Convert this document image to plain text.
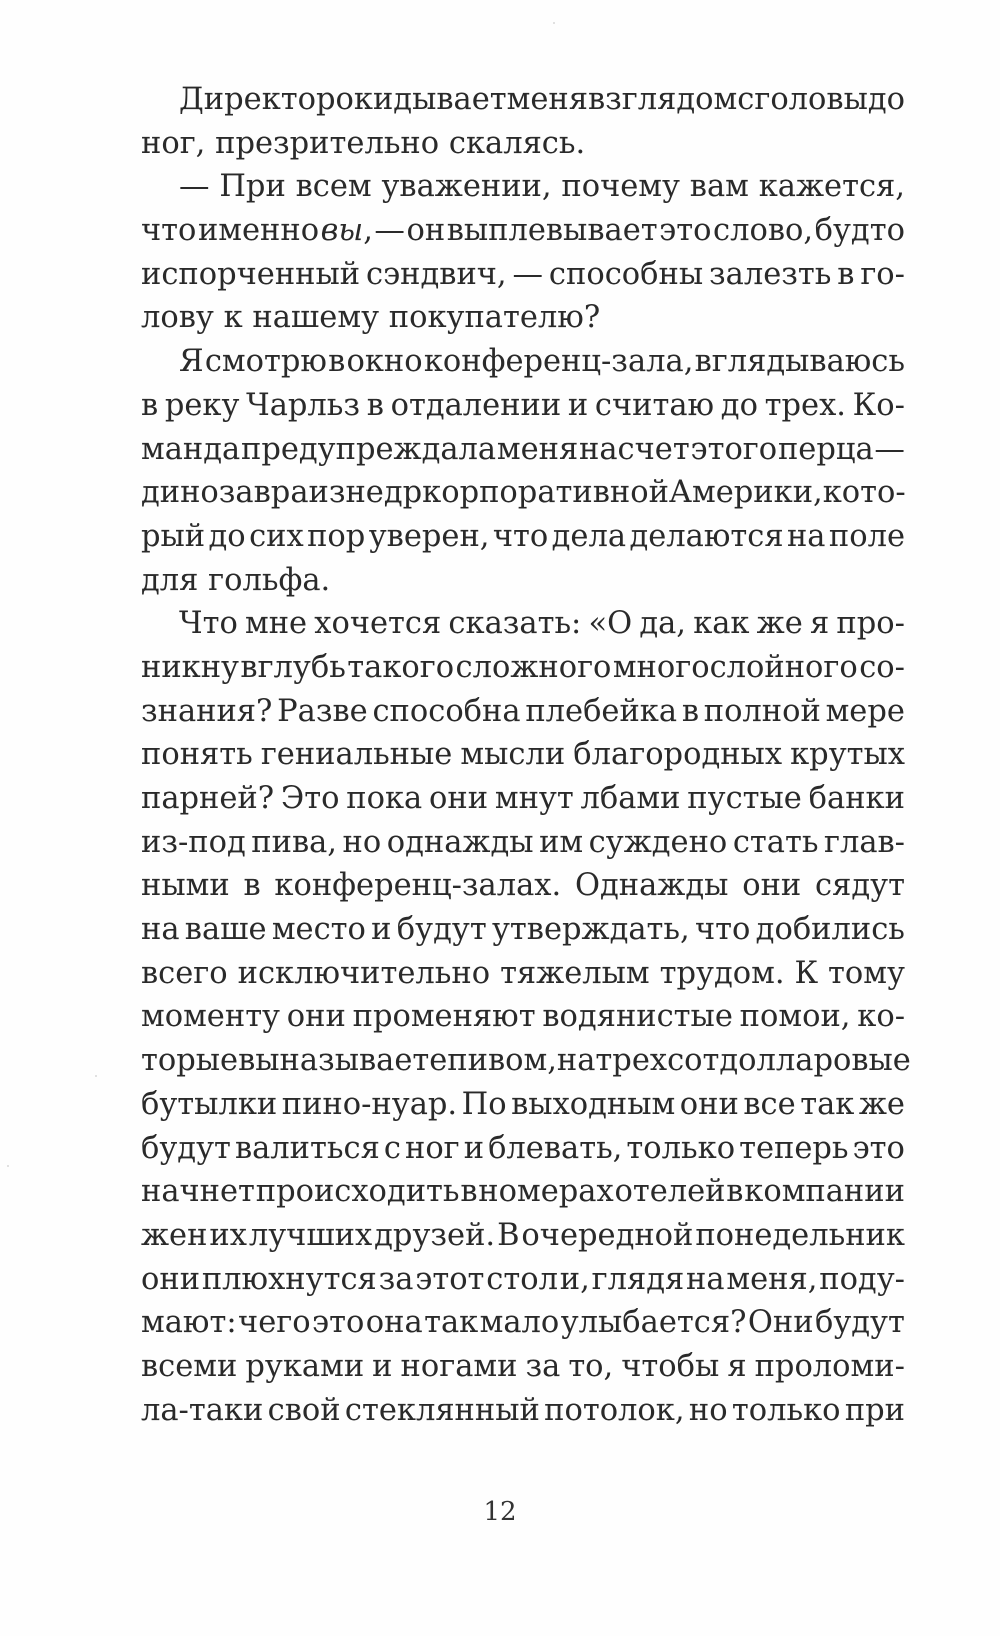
Директор окидывает меня взглядом с головы до
ног, презрительно скалясь.
— При всем уважении, почему вам кажется,
что именно вы, — он выплевывает это слово, будто
испорченный сэндвич, — способны залезть в го-
лову к нашему покупателю?
Я смотрю в окно конференц-зала, вглядываюсь
в реку Чарльз в отдалении и считаю до трех. Ко-
манда предупреждала меня насчет этого перца —
динозавра из недр корпоративной Америки, кото-
рый до сих пор уверен, что дела делаются на поле
для гольфа.
Что мне хочется сказать: «О да, как же я про-
никну вглубь такого сложного многослойного со-
знания? Разве способна плебейка в полной мере
понять гениальные мысли благородных крутых
парней? Это пока они мнут лбами пустые банки
из-под пива, но однажды им суждено стать глав-
ными в конференц-залах. Однажды они сядут
на ваше место и будут утверждать, что добились
всего исключительно тяжелым трудом. К тому
моменту они променяют водянистые помои, ко-
торые вы называете пивом, на трехсотдолларовые
бутылки пино-нуар. По выходным они все так же
будут валиться с ног и блевать, только теперь это
начнет происходить в номерах отелей в компании
жен их лучших друзей. В очередной понедельник
они плюхнутся за этот стол и, глядя на меня, поду-
мают: чего это она так мало улыбается? Они будут
всеми руками и ногами за то, чтобы я проломи-
ла-таки свой стеклянный потолок, но только при
12
